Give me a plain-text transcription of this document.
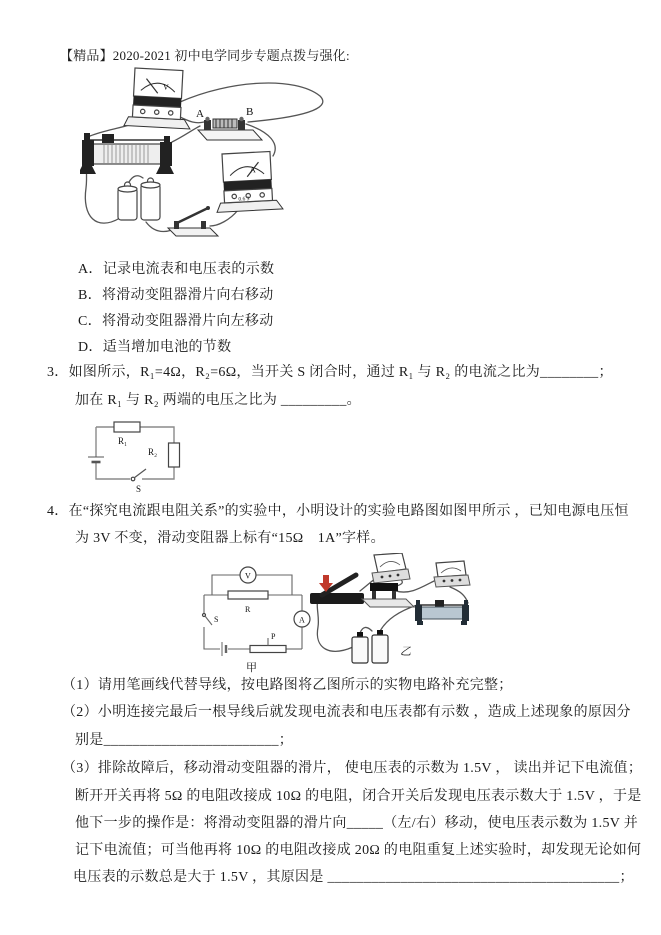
【精品】2020-2021 初中电学同步专题点拨与强化:
V
A	B
A
0.6 3
A．记录电流表和电压表的示数
B．将滑动变阻器滑片向右移动
C．将滑动变阻器滑片向左移动
D．适当增加电池的节数
3．如图所示，R₁=4Ω，R₂=6Ω，当开关 S 闭合时，通过 R₁ 与 R₂ 的电流之比为________；
加在 R₁ 与 R₂ 两端的电压之比为 _________。
R₁
R₂
S
4．在“探究电流跟电阻关系”的实验中，小明设计的实验电路图如图甲所示 ，已知电源电压恒
为 3V 不变，滑动变阻器上标有“15Ω　1A”字样。
V
R
A
S
P
甲
乙
（1）请用笔画线代替导线，按电路图将乙图所示的实物电路补充完整；
（2）小明连接完最后一根导线后就发现电流表和电压表都有示数 ，造成上述现象的原因分
别是________________________；
（3）排除故障后，移动滑动变阻器的滑片， 使电压表的示数为 1.5V ， 读出并记下电流值；
断开开关再将 5Ω 的电阻改接成 10Ω 的电阻，闭合开关后发现电压表示数大于 1.5V ，于是
他下一步的操作是：将滑动变阻器的滑片向_____（左/右）移动，使电压表示数为 1.5V 并
记下电流值；可当他再将 10Ω 的电阻改接成 20Ω 的电阻重复上述实验时，却发现无论如何
电压表的示数总是大于 1.5V ，其原因是 ________________________________________；
